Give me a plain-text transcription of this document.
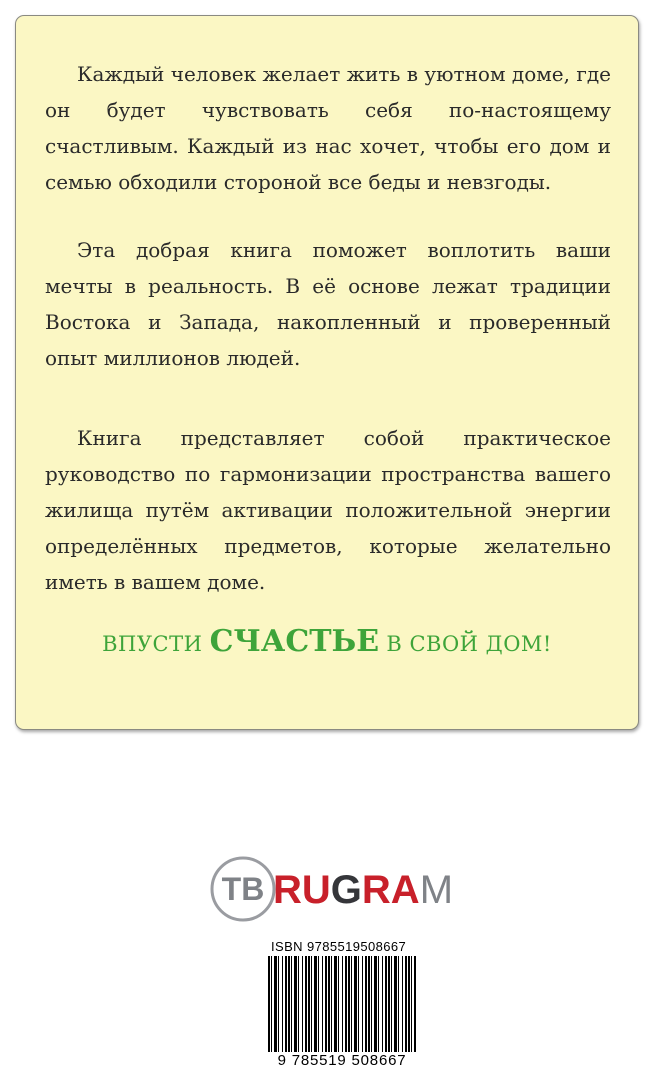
Каждый человек желает жить в уютном доме, где он будет чувствовать себя по-настоящему счастливым. Каждый из нас хочет, чтобы его дом и семью обходили стороной все беды и невзгоды.

Эта добрая книга поможет воплотить ваши мечты в реальность. В её основе лежат традиции Востока и Запада, накопленный и проверенный опыт миллионов людей.

Книга представляет собой практическое руководство по гармонизации пространства вашего жилища путём активации положительной энергии определённых предметов, которые желательно иметь в вашем доме.

ВПУСТИ СЧАСТЬЕ В СВОЙ ДОМ!
TB RUGRAM
ISBN 9785519508667
9 785519 508667
